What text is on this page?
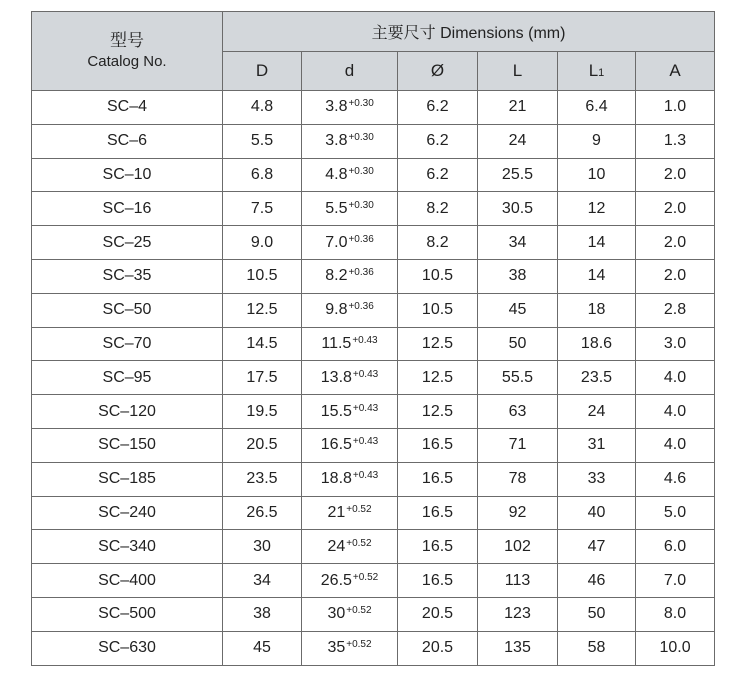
型号
Catalog No.	主要尺寸 Dimensions (mm)					
	D	d	Ø	L	L1	A
SC–4	4.8	$3.8^{+0.30}$	6.2	21	6.4	1.0
SC–6	5.5	$3.8^{+0.30}$	6.2	24	9	1.3
SC–10	6.8	$4.8^{+0.30}$	6.2	25.5	10	2.0
SC–16	7.5	$5.5^{+0.30}$	8.2	30.5	12	2.0
SC–25	9.0	$7.0^{+0.36}$	8.2	34	14	2.0
SC–35	10.5	$8.2^{+0.36}$	10.5	38	14	2.0
SC–50	12.5	$9.8^{+0.36}$	10.5	45	18	2.8
SC–70	14.5	$11.5^{+0.43}$	12.5	50	18.6	3.0
SC–95	17.5	$13.8^{+0.43}$	12.5	55.5	23.5	4.0
SC–120	19.5	$15.5^{+0.43}$	12.5	63	24	4.0
SC–150	20.5	$16.5^{+0.43}$	16.5	71	31	4.0
SC–185	23.5	$18.8^{+0.43}$	16.5	78	33	4.6
SC–240	26.5	$21^{+0.52}$	16.5	92	40	5.0
SC–340	30	$24^{+0.52}$	16.5	102	47	6.0
SC–400	34	$26.5^{+0.52}$	16.5	113	46	7.0
SC–500	38	$30^{+0.52}$	20.5	123	50	8.0
SC–630	45	$35^{+0.52}$	20.5	135	58	10.0
